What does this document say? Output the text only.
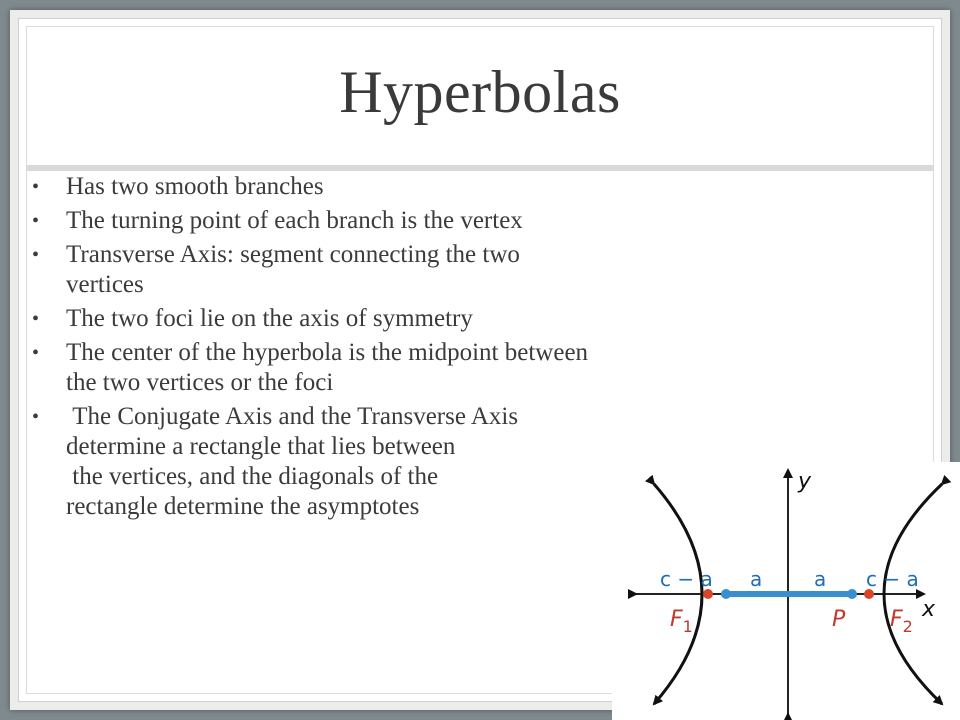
Hyperbolas
• Has two smooth branches
• The turning point of each branch is the vertex
• Transverse Axis: segment connecting the two
vertices
• The two foci lie on the axis of symmetry
• The center of the hyperbola is the midpoint between
the two vertices or the foci
• The Conjugate Axis and the Transverse Axis
determine a rectangle that lies between
the vertices, and the diagonals of the
rectangle determine the asymptotes
y
x
c − a a	a c − a
$F_1$	P $F_2$
